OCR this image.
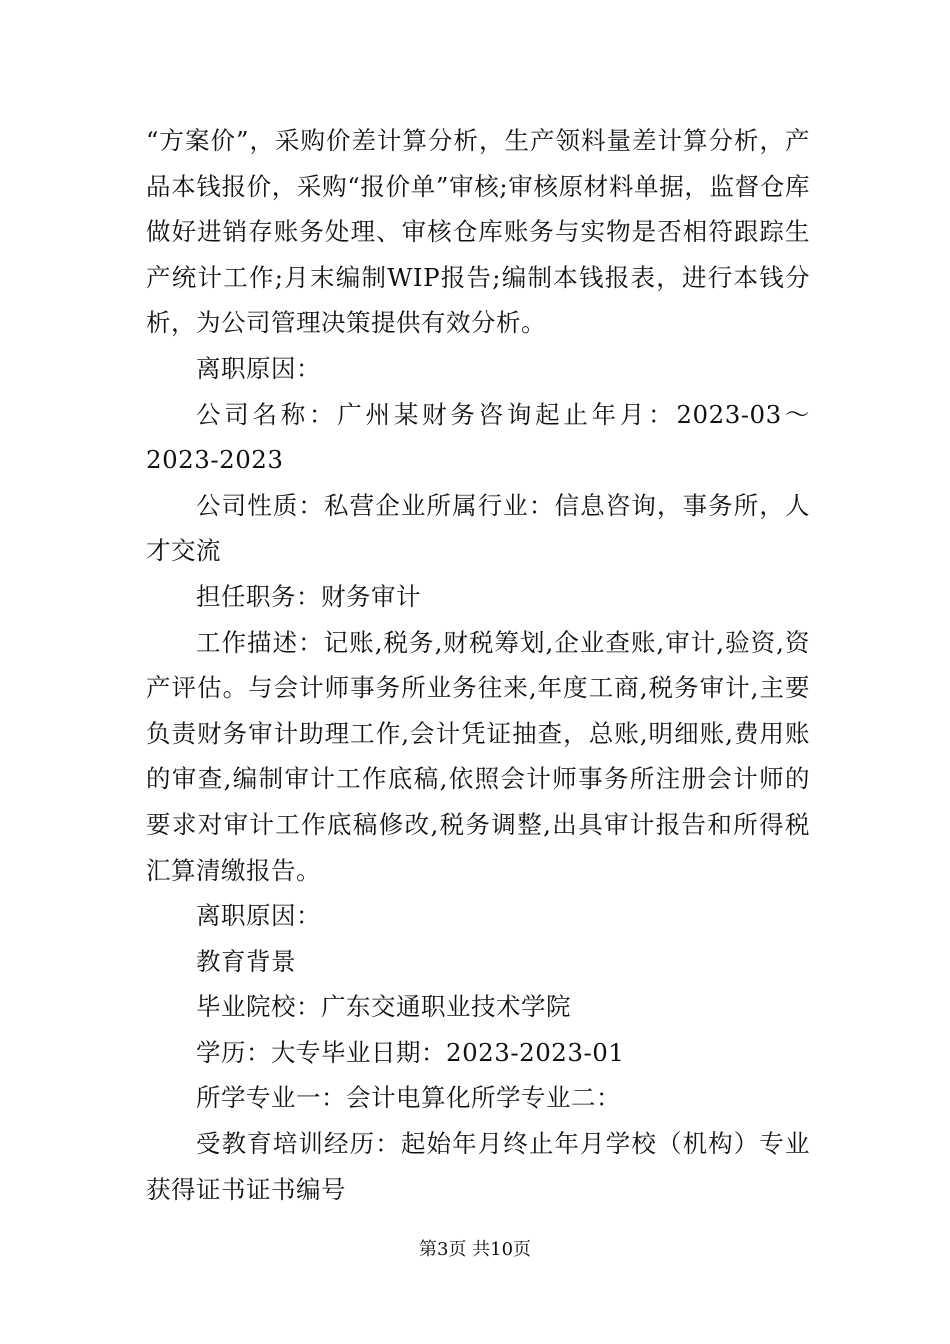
“方案价”，采购价差计算分析，生产领料量差计算分析，产品本钱报价，采购“报价单”审核;审核原材料单据，监督仓库做好进销存账务处理、审核仓库账务与实物是否相符跟踪生产统计工作;月末编制WIP报告;编制本钱报表，进行本钱分析，为公司管理决策提供有效分析。

离职原因：

公司名称：广州某财务咨询起止年月：2023-03～2023-2023

公司性质：私营企业所属行业：信息咨询，事务所，人才交流

担任职务：财务审计

工作描述：记账,税务,财税筹划,企业查账,审计,验资,资产评估。与会计师事务所业务往来,年度工商,税务审计,主要负责财务审计助理工作,会计凭证抽查，总账,明细账,费用账的审查,编制审计工作底稿,依照会计师事务所注册会计师的要求对审计工作底稿修改,税务调整,出具审计报告和所得税汇算清缴报告。

离职原因：

教育背景

毕业院校：广东交通职业技术学院

学历：大专毕业日期：2023-2023-01

所学专业一：会计电算化所学专业二：

受教育培训经历：起始年月终止年月学校（机构）专业获得证书证书编号

第3页 共10页
